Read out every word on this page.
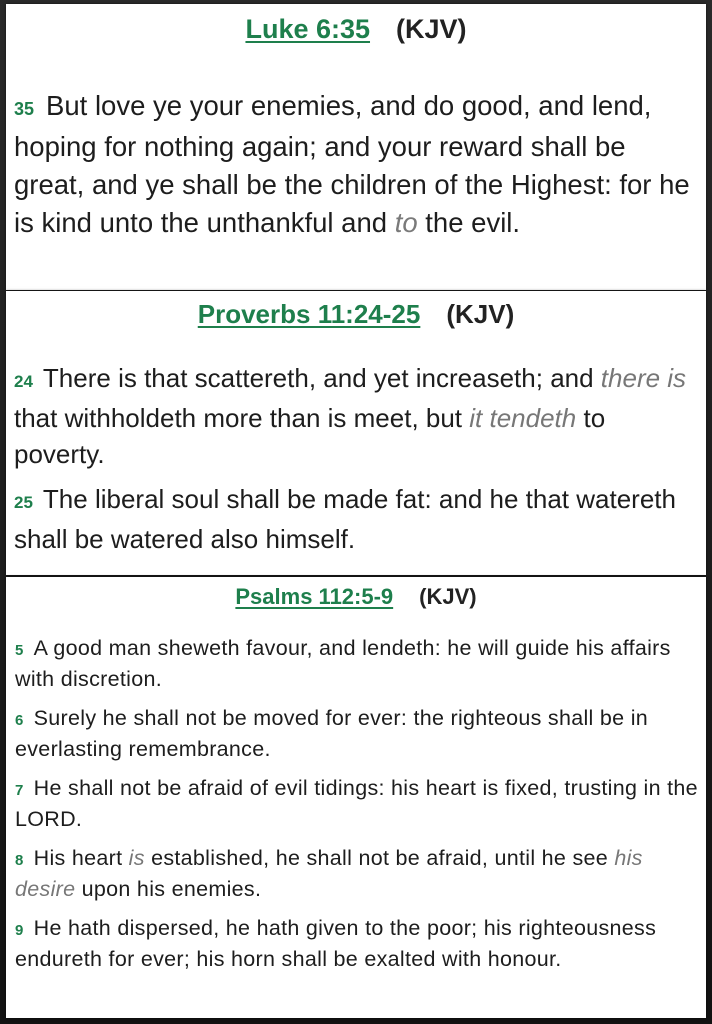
Luke 6:35 (KJV)
35 But love ye your enemies, and do good, and lend, hoping for nothing again; and your reward shall be great, and ye shall be the children of the Highest: for he is kind unto the unthankful and to the evil.
Proverbs 11:24-25 (KJV)
24 There is that scattereth, and yet increaseth; and there is that withholdeth more than is meet, but it tendeth to poverty.
25 The liberal soul shall be made fat: and he that watereth shall be watered also himself.
Psalms 112:5-9 (KJV)
5 A good man sheweth favour, and lendeth: he will guide his affairs with discretion.
6 Surely he shall not be moved for ever: the righteous shall be in everlasting remembrance.
7 He shall not be afraid of evil tidings: his heart is fixed, trusting in the LORD.
8 His heart is established, he shall not be afraid, until he see his desire upon his enemies.
9 He hath dispersed, he hath given to the poor; his righteousness endureth for ever; his horn shall be exalted with honour.
